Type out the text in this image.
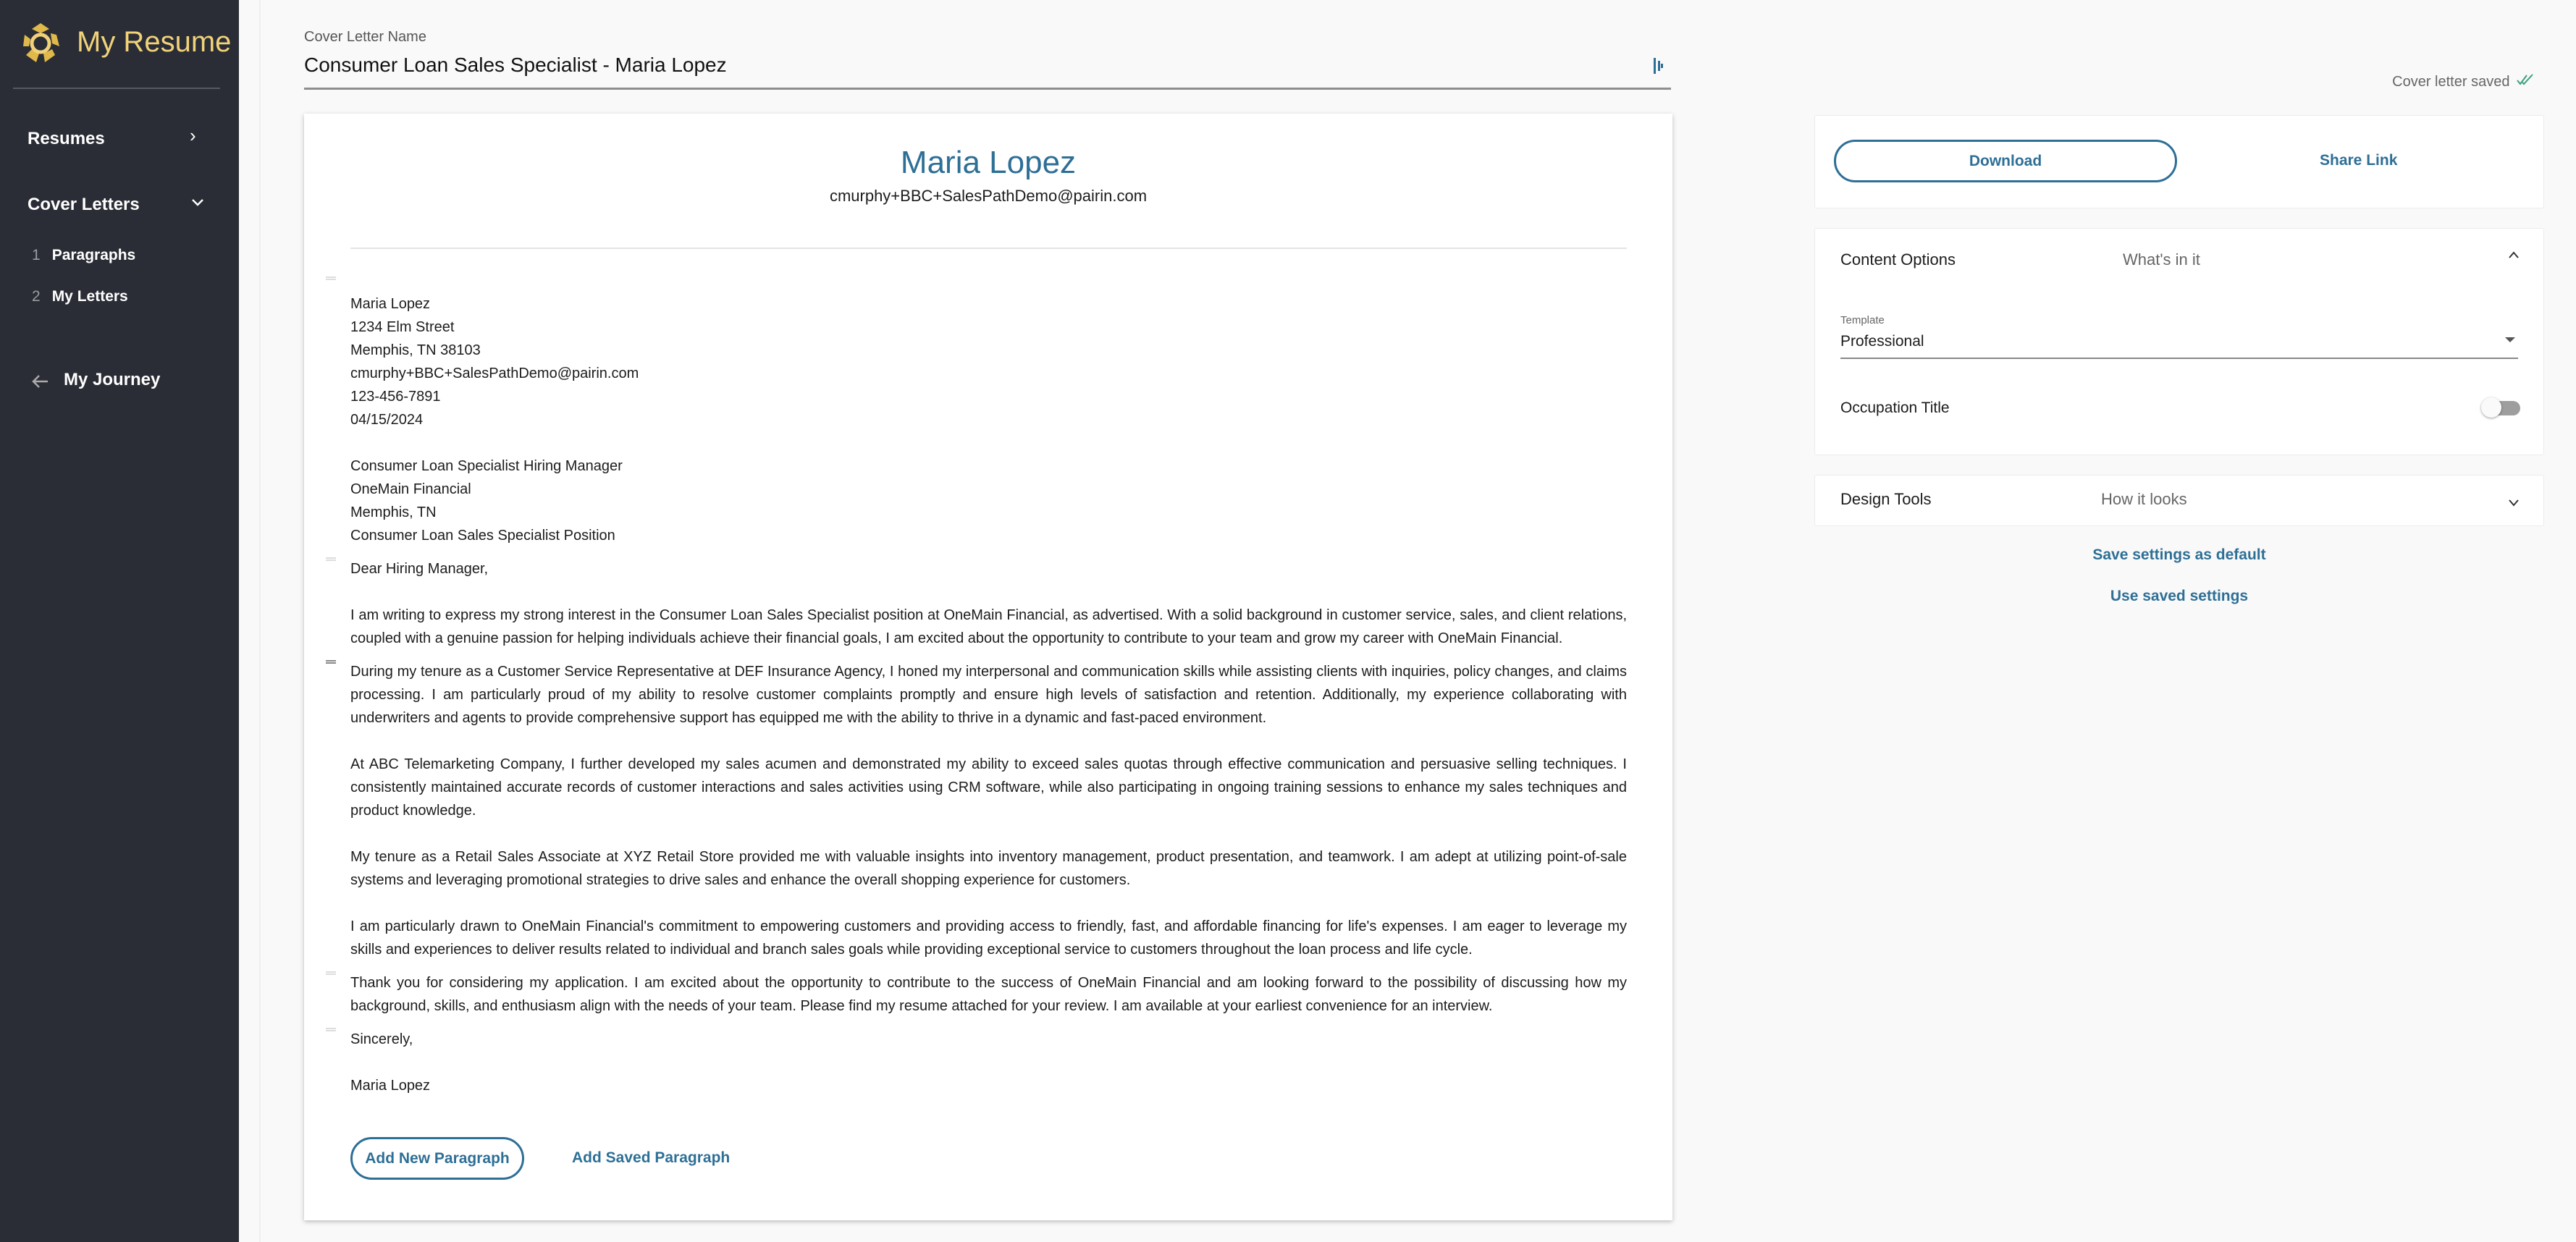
My Resume
Resumes	›
Cover Letters
1 Paragraphs
2 My Letters
My Journey
Cover Letter Name
Consumer Loan Sales Specialist - Maria Lopez
Maria Lopez
cmurphy+BBC+SalesPathDemo@pairin.com
Maria Lopez
1234 Elm Street
Memphis, TN 38103
cmurphy+BBC+SalesPathDemo@pairin.com
123-456-7891
04/15/2024
Consumer Loan Specialist Hiring Manager
OneMain Financial
Memphis, TN
Consumer Loan Sales Specialist Position
Dear Hiring Manager,

I am writing to express my strong interest in the Consumer Loan Sales Specialist position at OneMain Financial, as advertised. With a solid background in customer service, sales, and client relations, coupled with a genuine passion for helping individuals achieve their financial goals, I am excited about the opportunity to contribute to your team and grow my career with OneMain Financial.

During my tenure as a Customer Service Representative at DEF Insurance Agency, I honed my interpersonal and communication skills while assisting clients with inquiries, policy changes, and claims processing. I am particularly proud of my ability to resolve customer complaints promptly and ensure high levels of satisfaction and retention. Additionally, my experience collaborating with underwriters and agents to provide comprehensive support has equipped me with the ability to thrive in a dynamic and fast-paced environment.

At ABC Telemarketing Company, I further developed my sales acumen and demonstrated my ability to exceed sales quotas through effective communication and persuasive selling techniques. I consistently maintained accurate records of customer interactions and sales activities using CRM software, while also participating in ongoing training sessions to enhance my sales techniques and product knowledge.

My tenure as a Retail Sales Associate at XYZ Retail Store provided me with valuable insights into inventory management, product presentation, and teamwork. I am adept at utilizing point-of-sale systems and leveraging promotional strategies to drive sales and enhance the overall shopping experience for customers.

I am particularly drawn to OneMain Financial's commitment to empowering customers and providing access to friendly, fast, and affordable financing for life's expenses. I am eager to leverage my skills and experiences to deliver results related to individual and branch sales goals while providing exceptional service to customers throughout the loan process and life cycle.

Thank you for considering my application. I am excited about the opportunity to contribute to the success of OneMain Financial and am looking forward to the possibility of discussing how my background, skills, and enthusiasm align with the needs of your team. Please find my resume attached for your review. I am available at your earliest convenience for an interview.

Sincerely,
Maria Lopez
Add New Paragraph	Add Saved Paragraph
Cover letter saved
Download	Share Link
Content Options	What's in it
Template
Professional
Occupation Title
Design Tools	How it looks
Save settings as default
Use saved settings
